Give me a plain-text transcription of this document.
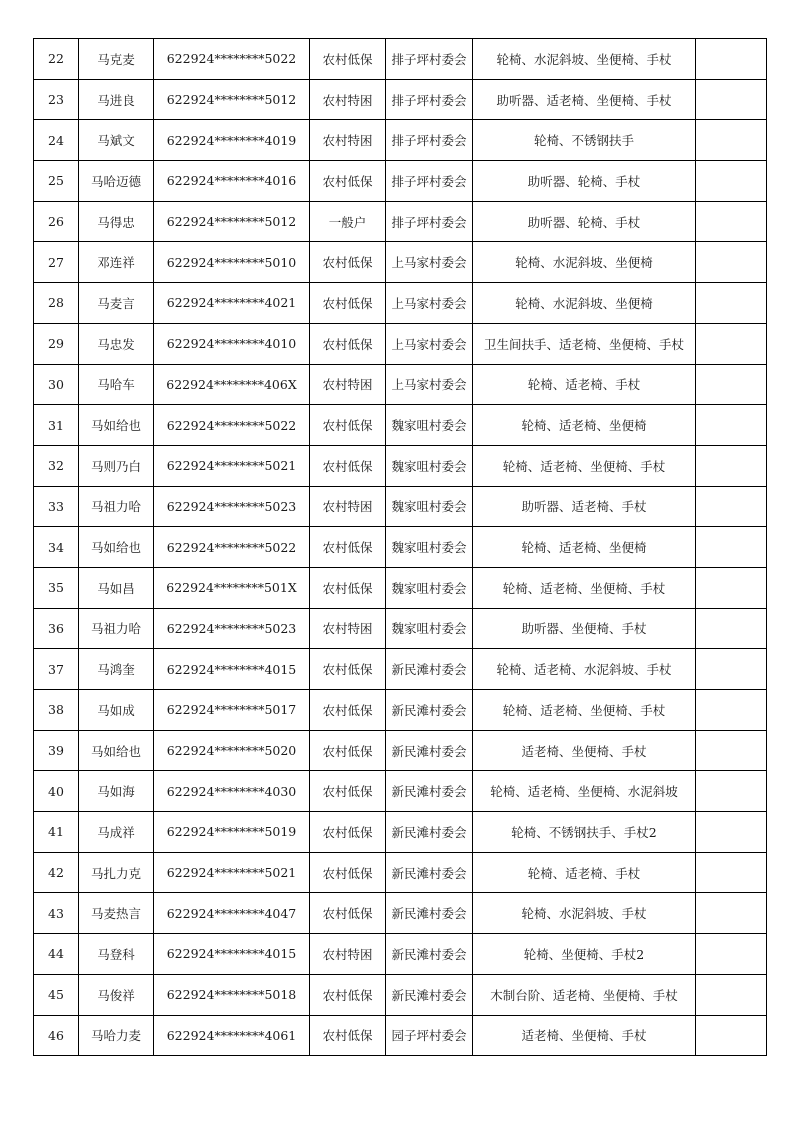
22	马克麦	622924********5022	农村低保	排子坪村委会	轮椅、水泥斜坡、坐便椅、手杖	
23	马进良	622924********5012	农村特困	排子坪村委会	助听器、适老椅、坐便椅、手杖	
24	马斌文	622924********4019	农村特困	排子坪村委会	轮椅、不锈钢扶手	
25	马哈迈德	622924********4016	农村低保	排子坪村委会	助听器、轮椅、手杖	
26	马得忠	622924********5012	一般户	排子坪村委会	助听器、轮椅、手杖	
27	邓连祥	622924********5010	农村低保	上马家村委会	轮椅、水泥斜坡、坐便椅	
28	马麦言	622924********4021	农村低保	上马家村委会	轮椅、水泥斜坡、坐便椅	
29	马忠发	622924********4010	农村低保	上马家村委会	卫生间扶手、适老椅、坐便椅、手杖	
30	马哈车	622924********406X	农村特困	上马家村委会	轮椅、适老椅、手杖	
31	马如给也	622924********5022	农村低保	魏家咀村委会	轮椅、适老椅、坐便椅	
32	马则乃白	622924********5021	农村低保	魏家咀村委会	轮椅、适老椅、坐便椅、手杖	
33	马祖力哈	622924********5023	农村特困	魏家咀村委会	助听器、适老椅、手杖	
34	马如给也	622924********5022	农村低保	魏家咀村委会	轮椅、适老椅、坐便椅	
35	马如昌	622924********501X	农村低保	魏家咀村委会	轮椅、适老椅、坐便椅、手杖	
36	马祖力哈	622924********5023	农村特困	魏家咀村委会	助听器、坐便椅、手杖	
37	马鸿奎	622924********4015	农村低保	新民滩村委会	轮椅、适老椅、水泥斜坡、手杖	
38	马如成	622924********5017	农村低保	新民滩村委会	轮椅、适老椅、坐便椅、手杖	
39	马如给也	622924********5020	农村低保	新民滩村委会	适老椅、坐便椅、手杖	
40	马如海	622924********4030	农村低保	新民滩村委会	轮椅、适老椅、坐便椅、水泥斜坡	
41	马成祥	622924********5019	农村低保	新民滩村委会	轮椅、不锈钢扶手、手杖2	
42	马扎力克	622924********5021	农村低保	新民滩村委会	轮椅、适老椅、手杖	
43	马麦热言	622924********4047	农村低保	新民滩村委会	轮椅、水泥斜坡、手杖	
44	马登科	622924********4015	农村特困	新民滩村委会	轮椅、坐便椅、手杖2	
45	马俊祥	622924********5018	农村低保	新民滩村委会	木制台阶、适老椅、坐便椅、手杖	
46	马哈力麦	622924********4061	农村低保	园子坪村委会	适老椅、坐便椅、手杖	
